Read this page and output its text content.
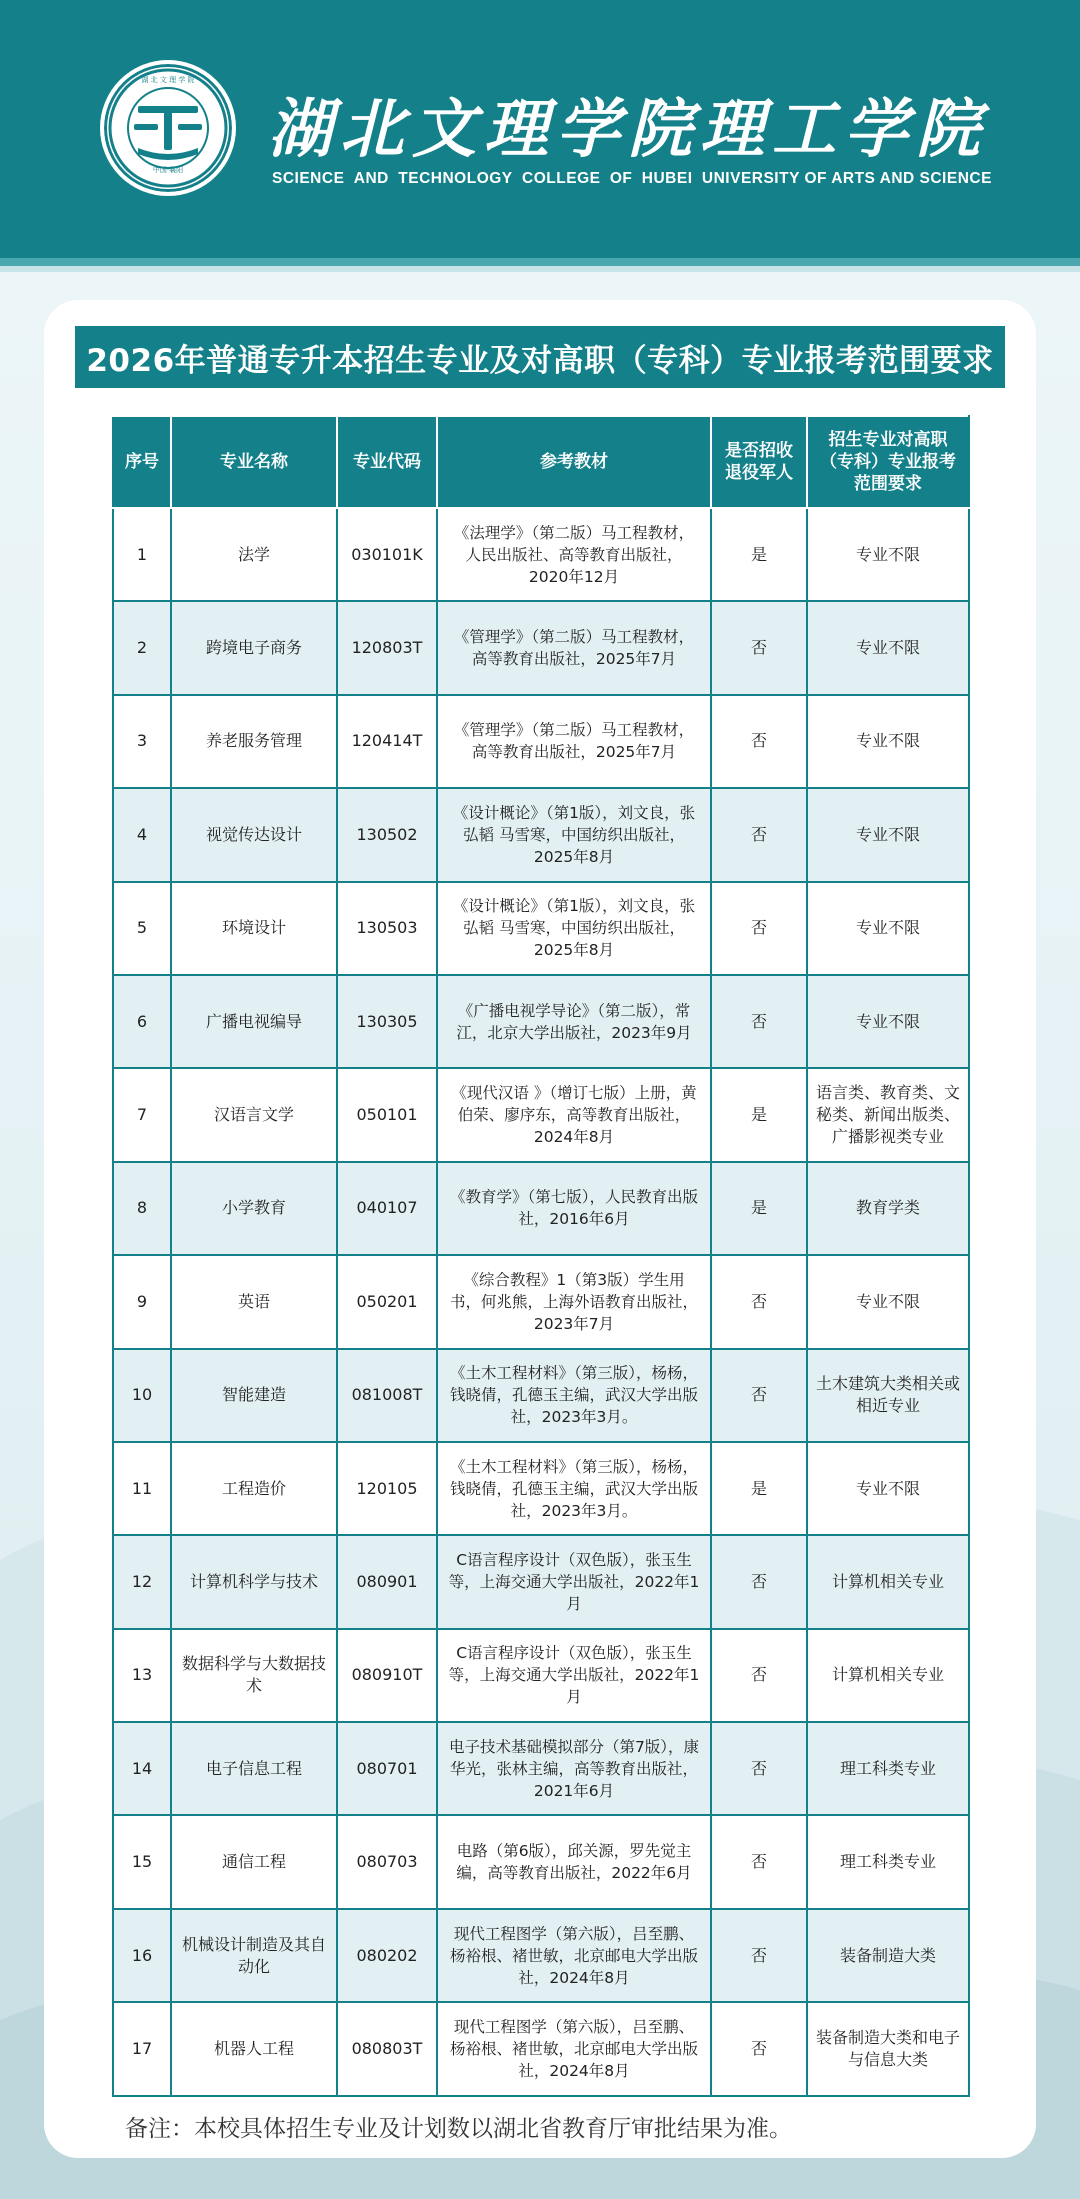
湖 北 文 理 学 院
中国·襄阳
湖北文理学院理工学院
SCIENCE AND TECHNOLOGY COLLEGE OF HUBEI UNIVERSITY OF ARTS AND SCIENCE
2026年普通专升本招生专业及对高职（专科）专业报考范围要求
序号	专业名称	专业代码	参考教材	是否招收退役军人	招生专业对高职（专科）专业报考范围要求
1	法学	030101K	《法理学》（第二版）马工程教材，人民出版社、高等教育出版社，2020年12月	是	专业不限
2	跨境电子商务	120803T	《管理学》（第二版）马工程教材，高等教育出版社，2025年7月	否	专业不限
3	养老服务管理	120414T	《管理学》（第二版）马工程教材，高等教育出版社，2025年7月	否	专业不限
4	视觉传达设计	130502	《设计概论》（第1版），刘文良，张弘韬 马雪寒，中国纺织出版社，2025年8月	否	专业不限
5	环境设计	130503	《设计概论》（第1版），刘文良，张弘韬 马雪寒，中国纺织出版社，2025年8月	否	专业不限
6	广播电视编导	130305	《广播电视学导论》（第二版），常江，北京大学出版社，2023年9月	否	专业不限
7	汉语言文学	050101	《现代汉语 》（增订七版）上册，黄伯荣、廖序东，高等教育出版社，2024年8月	是	语言类、教育类、文秘类、新闻出版类、广播影视类专业
8	小学教育	040107	《教育学》（第七版），人民教育出版社，2016年6月	是	教育学类
9	英语	050201	《综合教程》1（第3版）学生用书，何兆熊，上海外语教育出版社，2023年7月	否	专业不限
10	智能建造	081008T	《土木工程材料》（第三版），杨杨，钱晓倩，孔德玉主编，武汉大学出版社，2023年3月。	否	土木建筑大类相关或相近专业
11	工程造价	120105	《土木工程材料》（第三版），杨杨，钱晓倩，孔德玉主编，武汉大学出版社，2023年3月。	是	专业不限
12	计算机科学与技术	080901	C语言程序设计（双色版），张玉生等，上海交通大学出版社，2022年1月	否	计算机相关专业
13	数据科学与大数据技术	080910T	C语言程序设计（双色版），张玉生等，上海交通大学出版社，2022年1月	否	计算机相关专业
14	电子信息工程	080701	电子技术基础模拟部分（第7版），康华光，张林主编，高等教育出版社，2021年6月	否	理工科类专业
15	通信工程	080703	电路（第6版），邱关源，罗先觉主编，高等教育出版社，2022年6月	否	理工科类专业
16	机械设计制造及其自动化	080202	现代工程图学（第六版），吕至鹏、杨裕根、褚世敏，北京邮电大学出版社，2024年8月	否	装备制造大类
17	机器人工程	080803T	现代工程图学（第六版），吕至鹏、杨裕根、褚世敏，北京邮电大学出版社，2024年8月	否	装备制造大类和电子与信息大类
备注：本校具体招生专业及计划数以湖北省教育厅审批结果为准。
